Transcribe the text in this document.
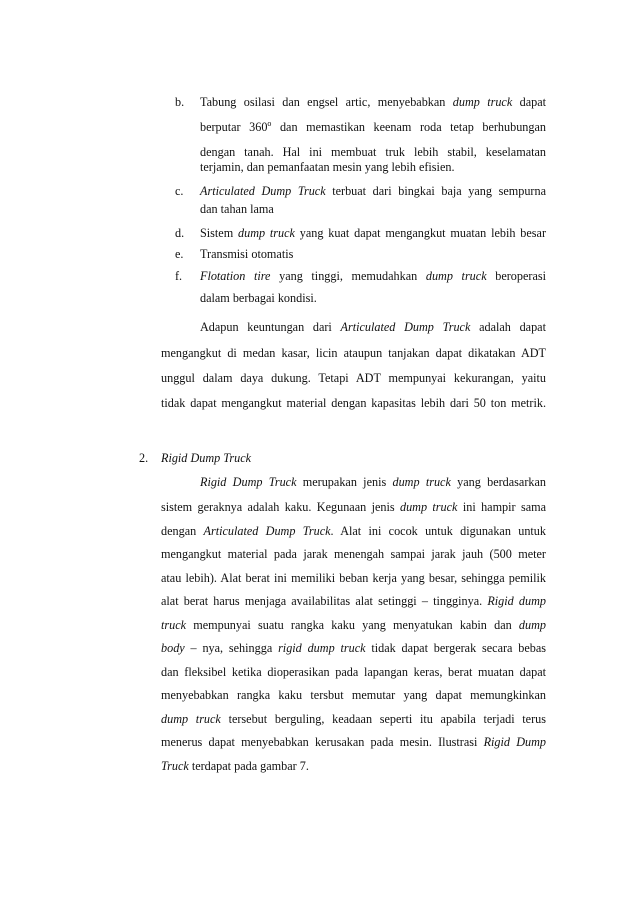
b. Tabung osilasi dan engsel artic, menyebabkan dump truck dapat
berputar 360$^o$ dan memastikan keenam roda tetap berhubungan
dengan tanah. Hal ini membuat truk lebih stabil, keselamatan
terjamin, dan pemanfaatan mesin yang lebih efisien.
c. Articulated Dump Truck terbuat dari bingkai baja yang sempurna
dan tahan lama
d. Sistem dump truck yang kuat dapat mengangkut muatan lebih besar
e. Transmisi otomatis
f. Flotation tire yang tinggi, memudahkan dump truck beroperasi
dalam berbagai kondisi.
Adapun keuntungan dari Articulated Dump Truck adalah dapat
mengangkut di medan kasar, licin ataupun tanjakan dapat dikatakan ADT
unggul dalam daya dukung. Tetapi ADT mempunyai kekurangan, yaitu
tidak dapat mengangkut material dengan kapasitas lebih dari 50 ton metrik.
2. Rigid Dump Truck
Rigid Dump Truck merupakan jenis dump truck yang berdasarkan
sistem geraknya adalah kaku. Kegunaan jenis dump truck ini hampir sama
dengan Articulated Dump Truck. Alat ini cocok untuk digunakan untuk
mengangkut material pada jarak menengah sampai jarak jauh (500 meter
atau lebih). Alat berat ini memiliki beban kerja yang besar, sehingga pemilik
alat berat harus menjaga availabilitas alat setinggi – tingginya. Rigid dump
truck mempunyai suatu rangka kaku yang menyatukan kabin dan dump
body – nya, sehingga rigid dump truck tidak dapat bergerak secara bebas
dan fleksibel ketika dioperasikan pada lapangan keras, berat muatan dapat
menyebabkan rangka kaku tersbut memutar yang dapat memungkinkan
dump truck tersebut berguling, keadaan seperti itu apabila terjadi terus
menerus dapat menyebabkan kerusakan pada mesin. Ilustrasi Rigid Dump
Truck terdapat pada gambar 7.
